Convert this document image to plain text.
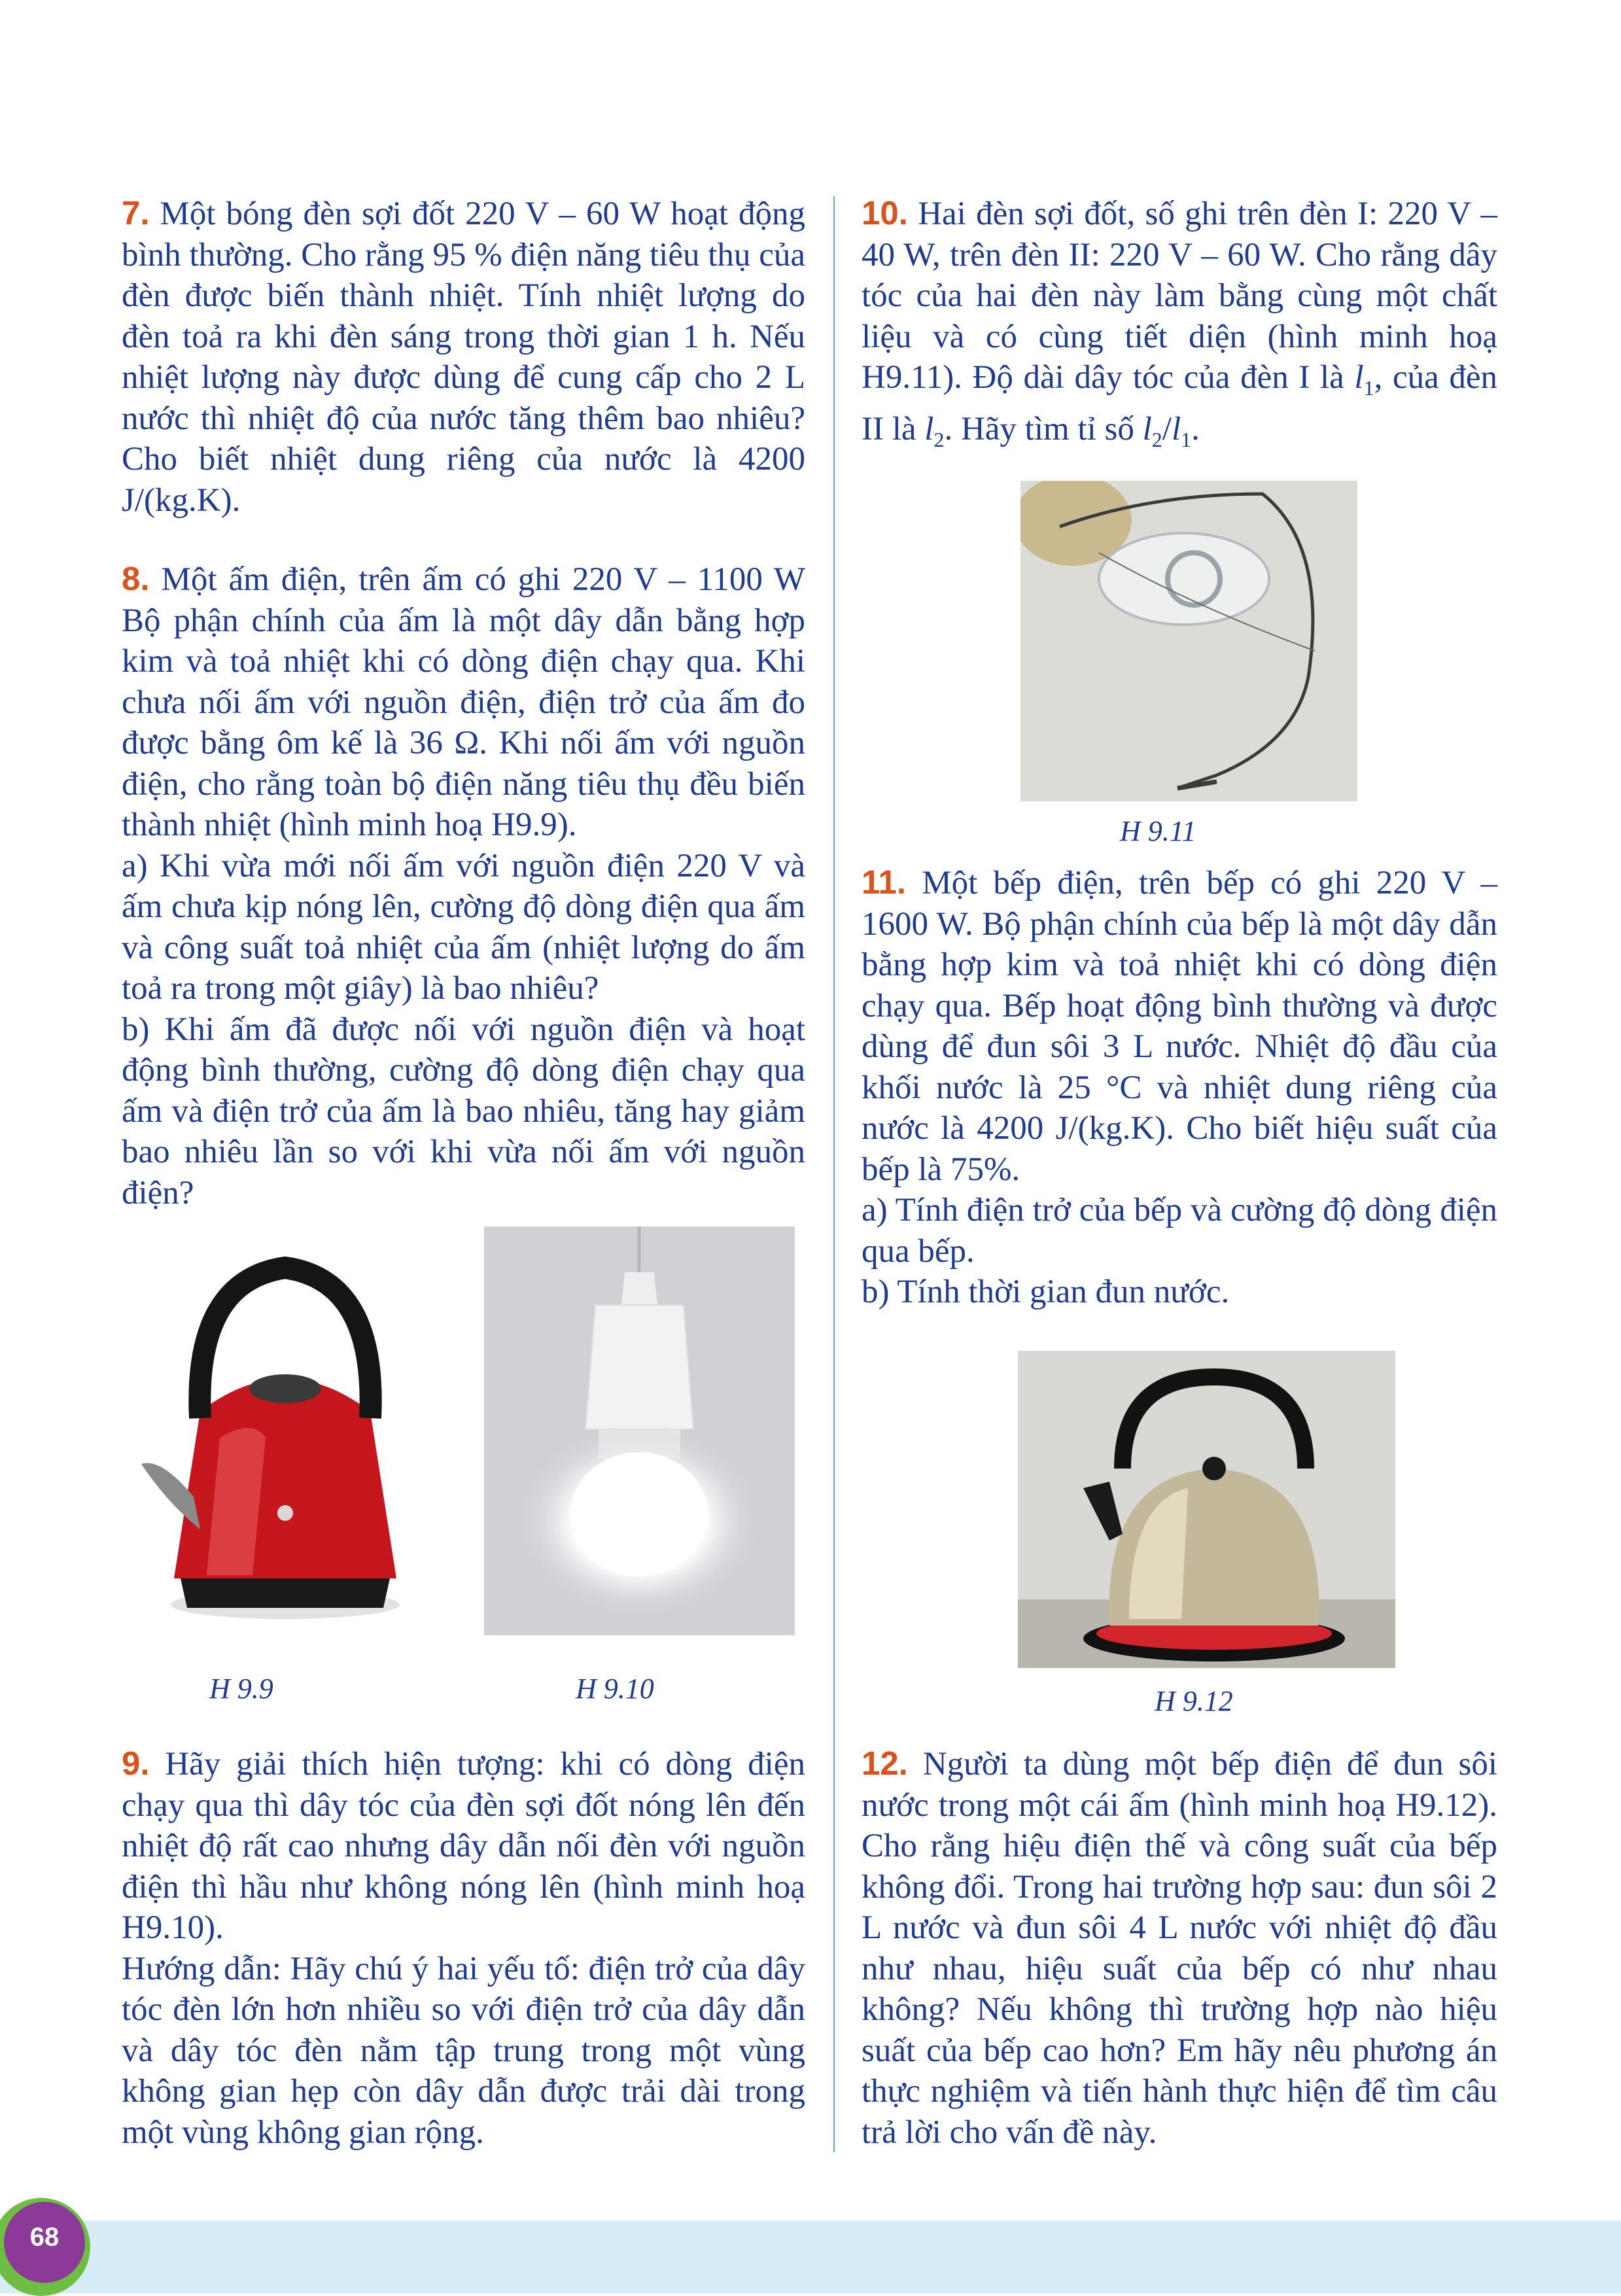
7. Một bóng đèn sợi đốt 220 V – 60 W hoạt động bình thường. Cho rằng 95 % điện năng tiêu thụ của đèn được biến thành nhiệt. Tính nhiệt lượng do đèn toả ra khi đèn sáng trong thời gian 1 h. Nếu nhiệt lượng này được dùng để cung cấp cho 2 L nước thì nhiệt độ của nước tăng thêm bao nhiêu? Cho biết nhiệt dung riêng của nước là 4200 J/(kg.K).

8. Một ấm điện, trên ấm có ghi 220 V – 1100 W Bộ phận chính của ấm là một dây dẫn bằng hợp kim và toả nhiệt khi có dòng điện chạy qua. Khi chưa nối ấm với nguồn điện, điện trở của ấm đo được bằng ôm kế là 36 Ω. Khi nối ấm với nguồn điện, cho rằng toàn bộ điện năng tiêu thụ đều biến thành nhiệt (hình minh hoạ H9.9).

a) Khi vừa mới nối ấm với nguồn điện 220 V và ấm chưa kịp nóng lên, cường độ dòng điện qua ấm và công suất toả nhiệt của ấm (nhiệt lượng do ấm toả ra trong một giây) là bao nhiêu?

b) Khi ấm đã được nối với nguồn điện và hoạt động bình thường, cường độ dòng điện chạy qua ấm và điện trở của ấm là bao nhiêu, tăng hay giảm bao nhiêu lần so với khi vừa nối ấm với nguồn điện?

H 9.9	H 9.10

9. Hãy giải thích hiện tượng: khi có dòng điện chạy qua thì dây tóc của đèn sợi đốt nóng lên đến nhiệt độ rất cao nhưng dây dẫn nối đèn với nguồn điện thì hầu như không nóng lên (hình minh hoạ H9.10).

Hướng dẫn: Hãy chú ý hai yếu tố: điện trở của dây tóc đèn lớn hơn nhiều so với điện trở của dây dẫn và dây tóc đèn nằm tập trung trong một vùng không gian hẹp còn dây dẫn được trải dài trong một vùng không gian rộng.

10. Hai đèn sợi đốt, số ghi trên đèn I: 220 V – 40 W, trên đèn II: 220 V – 60 W. Cho rằng dây tóc của hai đèn này làm bằng cùng một chất liệu và có cùng tiết diện (hình minh hoạ H9.11). Độ dài dây tóc của đèn I là $l_1$, của đèn II là $l_2$. Hãy tìm tỉ số $l_2/l_1$.

H 9.11

11. Một bếp điện, trên bếp có ghi 220 V – 1600 W. Bộ phận chính của bếp là một dây dẫn bằng hợp kim và toả nhiệt khi có dòng điện chạy qua. Bếp hoạt động bình thường và được dùng để đun sôi 3 L nước. Nhiệt độ đầu của khối nước là 25 °C và nhiệt dung riêng của nước là 4200 J/(kg.K). Cho biết hiệu suất của bếp là 75%.

a) Tính điện trở của bếp và cường độ dòng điện qua bếp.

b) Tính thời gian đun nước.

H 9.12

12. Người ta dùng một bếp điện để đun sôi nước trong một cái ấm (hình minh hoạ H9.12). Cho rằng hiệu điện thế và công suất của bếp không đổi. Trong hai trường hợp sau: đun sôi 2 L nước và đun sôi 4 L nước với nhiệt độ đầu như nhau, hiệu suất của bếp có như nhau không? Nếu không thì trường hợp nào hiệu suất của bếp cao hơn? Em hãy nêu phương án thực nghiệm và tiến hành thực hiện để tìm câu trả lời cho vấn đề này.

68
